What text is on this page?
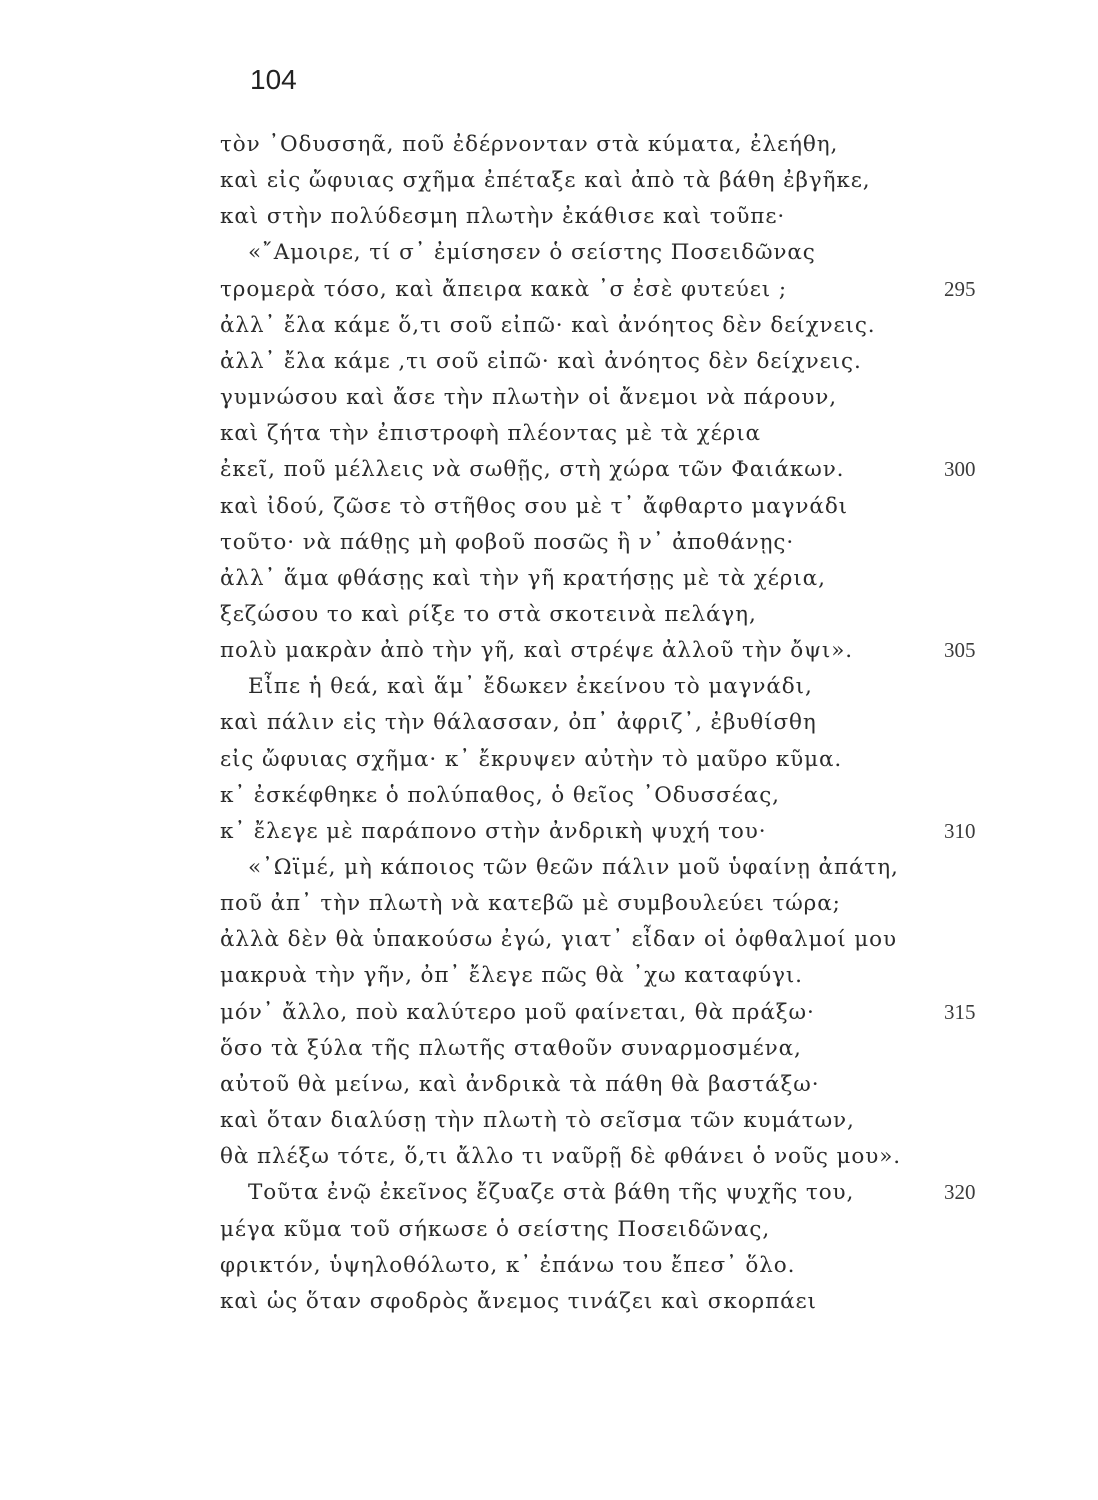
104
τὸν ᾿Οδυσσηᾶ, ποῦ ἐδέρνονταν στὰ κύματα, ἐλεήθη,
καὶ εἰς ὤφυιας σχῆμα ἐπέταξε καὶ ἀπὸ τὰ βάθη ἐβγῆκε,
καὶ στὴν πολύδεσμη πλωτὴν ἐκάθισε καὶ τοῦπε·
«῎Αμοιρε, τί σ᾿ ἐμίσησεν ὁ σείστης Ποσειδῶνας
τρομερὰ τόσο, καὶ ἄπειρα κακὰ ᾿σ ἐσὲ φυτεύει ;
ἀλλ᾿ ἔλα κάμε ὅ,τι σοῦ εἰπῶ· καὶ ἀνόητος δὲν δείχνεις.
ἀλλ᾿ ἔλα κάμε ,τι σοῦ εἰπῶ· καὶ ἀνόητος δὲν δείχνεις.
γυμνώσου καὶ ἄσε τὴν πλωτὴν οἱ ἄνεμοι νὰ πάρουν,
καὶ ζήτα τὴν ἐπιστροφὴ πλέοντας μὲ τὰ χέρια
ἐκεῖ, ποῦ μέλλεις νὰ σωθῇς, στὴ χώρα τῶν Φαιάκων.
καὶ ἰδού, ζῶσε τὸ στῆθος σου μὲ τ᾿ ἄφθαρτο μαγνάδι
τοῦτο· νὰ πάθῃς μὴ φοβοῦ ποσῶς ἢ ν᾿ ἀποθάνῃς·
ἀλλ᾿ ἅμα φθάσῃς καὶ τὴν γῆ κρατήσῃς μὲ τὰ χέρια,
ξεζώσου το καὶ ρίξε το στὰ σκοτεινὰ πελάγη,
πολὺ μακρὰν ἀπὸ τὴν γῆ, καὶ στρέψε ἀλλοῦ τὴν ὄψι».
Εἶπε ἡ θεά, καὶ ἅμ᾿ ἔδωκεν ἐκείνου τὸ μαγνάδι,
καὶ πάλιν εἰς τὴν θάλασσαν, ὀπ᾿ ἀφριζ᾿, ἐβυθίσθη
εἰς ὤφυιας σχῆμα· κ᾿ ἔκρυψεν αὐτὴν τὸ μαῦρο κῦμα.
κ᾿ ἐσκέφθηκε ὁ πολύπαθος, ὁ θεῖος ᾿Οδυσσέας,
κ᾿ ἔλεγε μὲ παράπονο στὴν ἀνδρικὴ ψυχή του·
«᾿Ωϊμέ, μὴ κάποιος τῶν θεῶν πάλιν μοῦ ὑφαίνῃ ἀπάτη,
ποῦ ἀπ᾿ τὴν πλωτὴ νὰ κατεβῶ μὲ συμβουλεύει τώρα;
ἀλλὰ δὲν θὰ ὑπακούσω ἐγώ, γιατ᾿ εἶδαν οἱ ὀφθαλμοί μου
μακρυὰ τὴν γῆν, ὀπ᾿ ἔλεγε πῶς θὰ ᾿χω καταφύγι.
μόν᾿ ἄλλο, ποὺ καλύτερο μοῦ φαίνεται, θὰ πράξω·
ὅσο τὰ ξύλα τῆς πλωτῆς σταθοῦν συναρμοσμένα,
αὐτοῦ θὰ μείνω, καὶ ἀνδρικὰ τὰ πάθη θὰ βαστάξω·
καὶ ὅταν διαλύσῃ τὴν πλωτὴ τὸ σεῖσμα τῶν κυμάτων,
θὰ πλέξω τότε, ὅ,τι ἄλλο τι ναῦρῇ δὲ φθάνει ὁ νοῦς μου».
Τοῦτα ἐνῷ ἐκεῖνος ἔζυαζε στὰ βάθη τῆς ψυχῆς του,
μέγα κῦμα τοῦ σήκωσε ὁ σείστης Ποσειδῶνας,
φρικτόν, ὑψηλοθόλωτο, κ᾿ ἐπάνω του ἔπεσ᾿ ὅλο.
καὶ ὡς ὅταν σφοδρὸς ἄνεμος τινάζει καὶ σκορπάει
295
300
305
310
315
320
